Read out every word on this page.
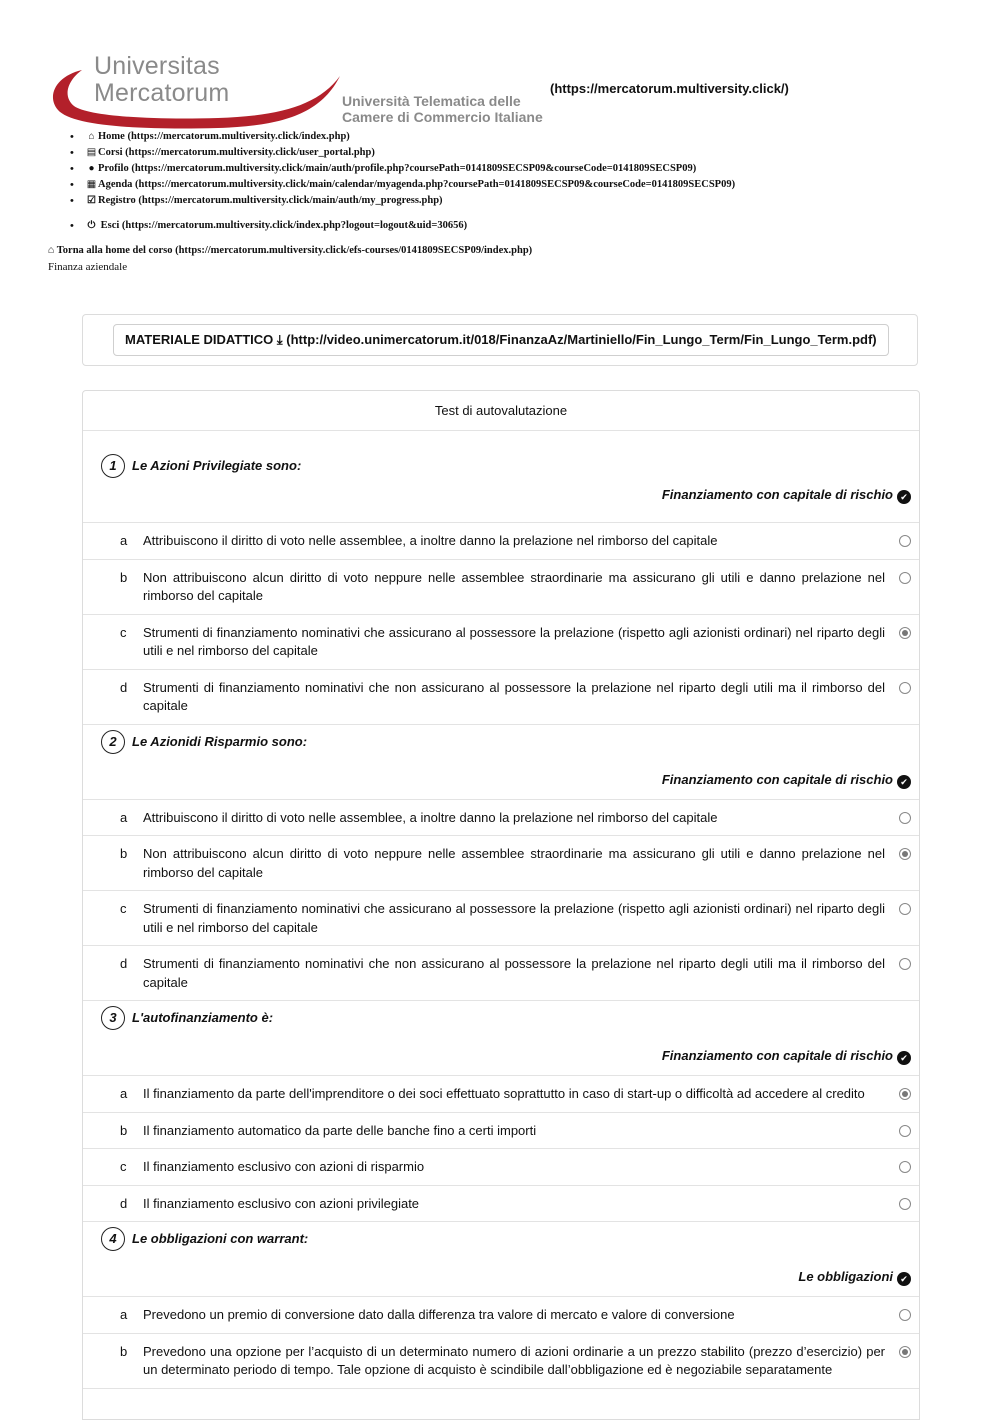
Universitas
Mercatorum	Università Telematica delle
Camere di Commercio Italiane
(https://mercatorum.multiversity.click/)
• ⌂ Home (https://mercatorum.multiversity.click/index.php)
• ▤ Corsi (https://mercatorum.multiversity.click/user_portal.php)
• ● Profilo (https://mercatorum.multiversity.click/main/auth/profile.php?coursePath=0141809SECSP09&courseCode=0141809SECSP09)
• ▦ Agenda (https://mercatorum.multiversity.click/main/calendar/myagenda.php?coursePath=0141809SECSP09&courseCode=0141809SECSP09)
• ☑ Registro (https://mercatorum.multiversity.click/main/auth/my_progress.php)
• ⏻ Esci (https://mercatorum.multiversity.click/index.php?logout=logout&uid=30656)
⌂ Torna alla home del corso (https://mercatorum.multiversity.click/efs-courses/0141809SECSP09/index.php)
Finanza aziendale
MATERIALE DIDATTICO ⤓ (http://video.unimercatorum.it/018/FinanzaAz/Martiniello/Fin_Lungo_Term/Fin_Lungo_Term.pdf)
Test di autovalutazione
1	Le Azioni Privilegiate sono:
Finanziamento con capitale di rischio ✔
a Attribuiscono il diritto di voto nelle assemblee, a inoltre danno la prelazione nel rimborso del capitale
b Non attribuiscono alcun diritto di voto neppure nelle assemblee straordinarie ma assicurano gli utili e danno prelazione nel rimborso del capitale
c Strumenti di finanziamento nominativi che assicurano al possessore la prelazione (rispetto agli azionisti ordinari) nel riparto degli utili e nel rimborso del capitale
d Strumenti di finanziamento nominativi che non assicurano al possessore la prelazione nel riparto degli utili ma il rimborso del capitale
2	Le Azionidi Risparmio sono:
Finanziamento con capitale di rischio ✔
a Attribuiscono il diritto di voto nelle assemblee, a inoltre danno la prelazione nel rimborso del capitale
b Non attribuiscono alcun diritto di voto neppure nelle assemblee straordinarie ma assicurano gli utili e danno prelazione nel rimborso del capitale
c Strumenti di finanziamento nominativi che assicurano al possessore la prelazione (rispetto agli azionisti ordinari) nel riparto degli utili e nel rimborso del capitale
d Strumenti di finanziamento nominativi che non assicurano al possessore la prelazione nel riparto degli utili ma il rimborso del capitale
3	L'autofinanziamento è:
Finanziamento con capitale di rischio ✔
a Il finanziamento da parte dell'imprenditore o dei soci effettuato soprattutto in caso di start-up o difficoltà ad accedere al credito
b Il finanziamento automatico da parte delle banche fino a certi importi
c Il finanziamento esclusivo con azioni di risparmio
d Il finanziamento esclusivo con azioni privilegiate
4	Le obbligazioni con warrant:
Le obbligazioni ✔
a Prevedono un premio di conversione dato dalla differenza tra valore di mercato e valore di conversione
b Prevedono una opzione per l’acquisto di un determinato numero di azioni ordinarie a un prezzo stabilito (prezzo d’esercizio) per un determinato periodo di tempo. Tale opzione di acquisto è scindibile dall’obbligazione ed è negoziabile separatamente
